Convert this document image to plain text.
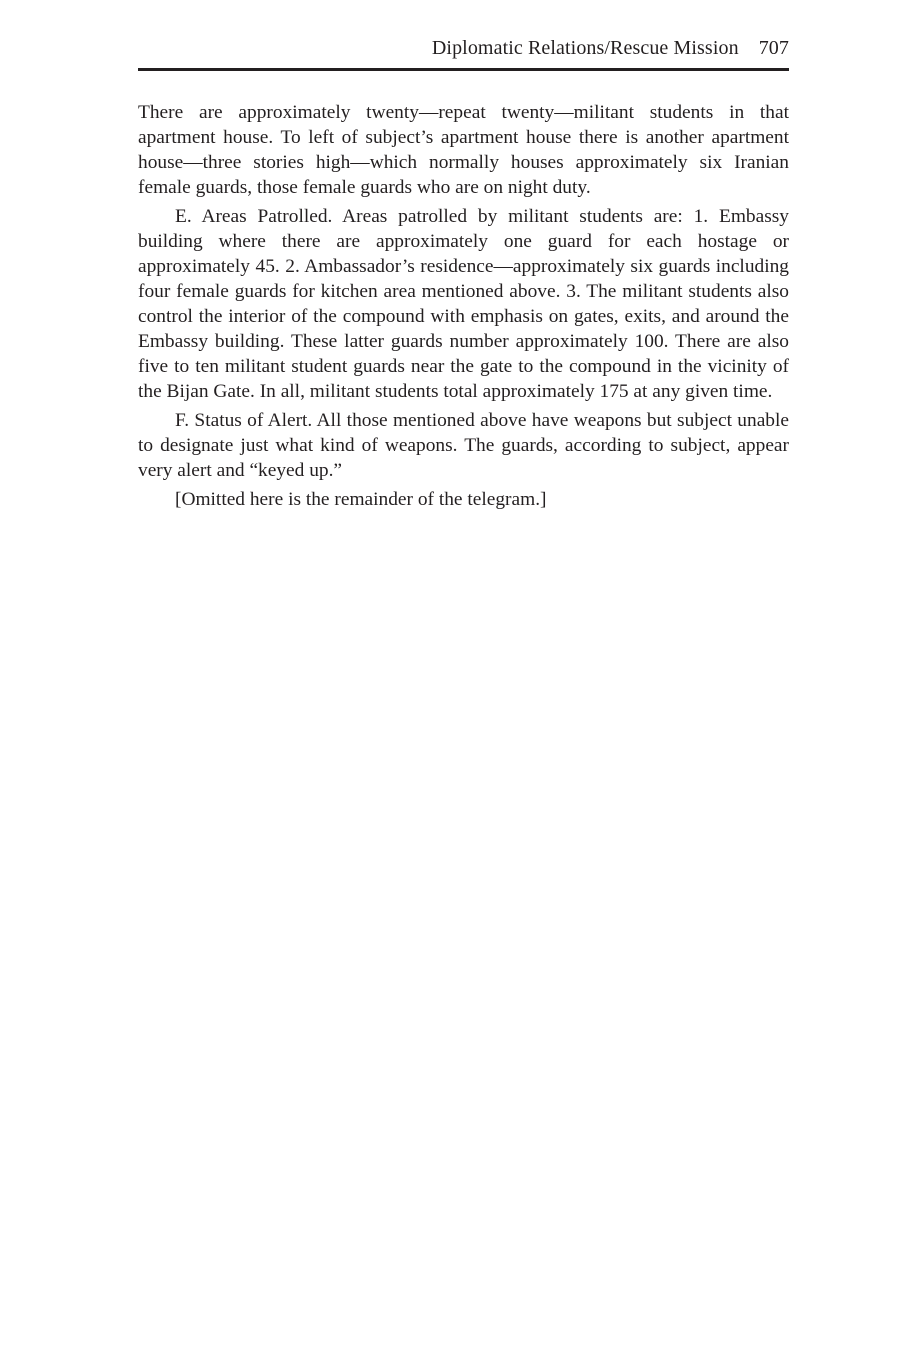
Diplomatic Relations/Rescue Mission 707

There are approximately twenty—repeat twenty—militant students in that apartment house. To left of subject’s apartment house there is another apartment house—three stories high—which normally houses approximately six Iranian female guards, those female guards who are on night duty.

E. Areas Patrolled. Areas patrolled by militant students are: 1. Embassy building where there are approximately one guard for each hostage or approximately 45. 2. Ambassador’s residence—approximately six guards including four female guards for kitchen area mentioned above. 3. The militant students also control the interior of the compound with emphasis on gates, exits, and around the Embassy building. These latter guards number approximately 100. There are also five to ten militant student guards near the gate to the compound in the vicinity of the Bijan Gate. In all, militant students total approximately 175 at any given time.

F. Status of Alert. All those mentioned above have weapons but subject unable to designate just what kind of weapons. The guards, according to subject, appear very alert and “keyed up.”

[Omitted here is the remainder of the telegram.]
